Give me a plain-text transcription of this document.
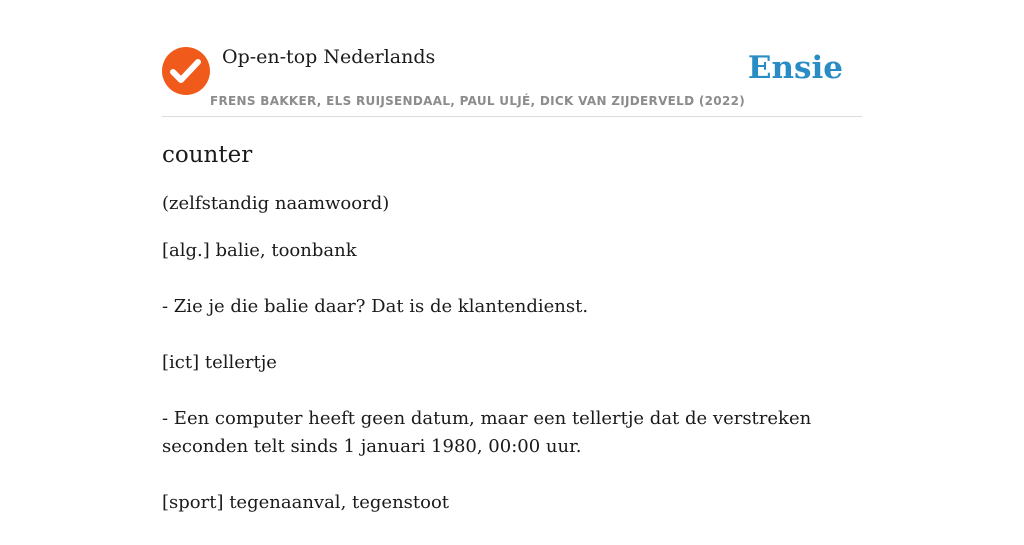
Op-en-top Nederlands
FRENS BAKKER, ELS RUIJSENDAAL, PAUL ULJÉ, DICK VAN ZIJDERVELD (2022)
Ensie
counter
(zelfstandig naamwoord)
[alg.] balie, toonbank
- Zie je die balie daar? Dat is de klantendienst.
[ict] tellertje
- Een computer heeft geen datum, maar een tellertje dat de verstreken seconden telt sinds 1 januari 1980, 00:00 uur.
[sport] tegenaanval, tegenstoot
